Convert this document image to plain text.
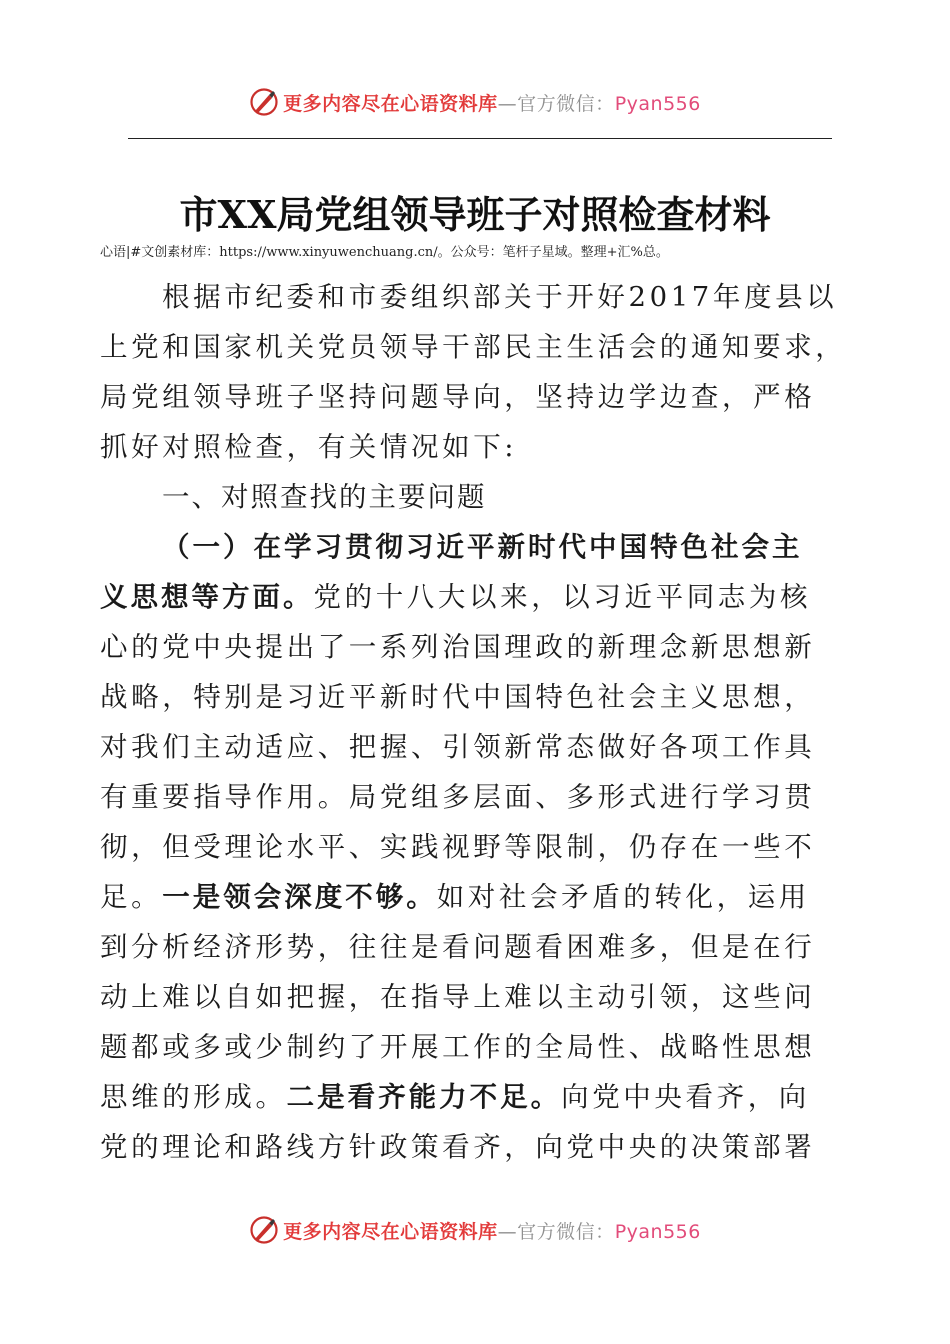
更多内容尽在心语资料库—官方微信：Pyan556
市XX局党组领导班子对照检查材料
心语|#文创素材库：https://www.xinyuwenchuang.cn/。公众号：笔杆子星域。整理+汇%总。
根据市纪委和市委组织部关于开好2017年度县以
上党和国家机关党员领导干部民主生活会的通知要求，
局党组领导班子坚持问题导向，坚持边学边查，严格
抓好对照检查，有关情况如下:
一、对照查找的主要问题
（一）在学习贯彻习近平新时代中国特色社会主
义思想等方面。党的十八大以来，以习近平同志为核
心的党中央提出了一系列治国理政的新理念新思想新
战略，特别是习近平新时代中国特色社会主义思想，
对我们主动适应、把握、引领新常态做好各项工作具
有重要指导作用。局党组多层面、多形式进行学习贯
彻，但受理论水平、实践视野等限制，仍存在一些不
足。一是领会深度不够。如对社会矛盾的转化，运用
到分析经济形势，往往是看问题看困难多，但是在行
动上难以自如把握，在指导上难以主动引领，这些问
题都或多或少制约了开展工作的全局性、战略性思想
思维的形成。二是看齐能力不足。向党中央看齐，向
党的理论和路线方针政策看齐，向党中央的决策部署
更多内容尽在心语资料库—官方微信：Pyan556
